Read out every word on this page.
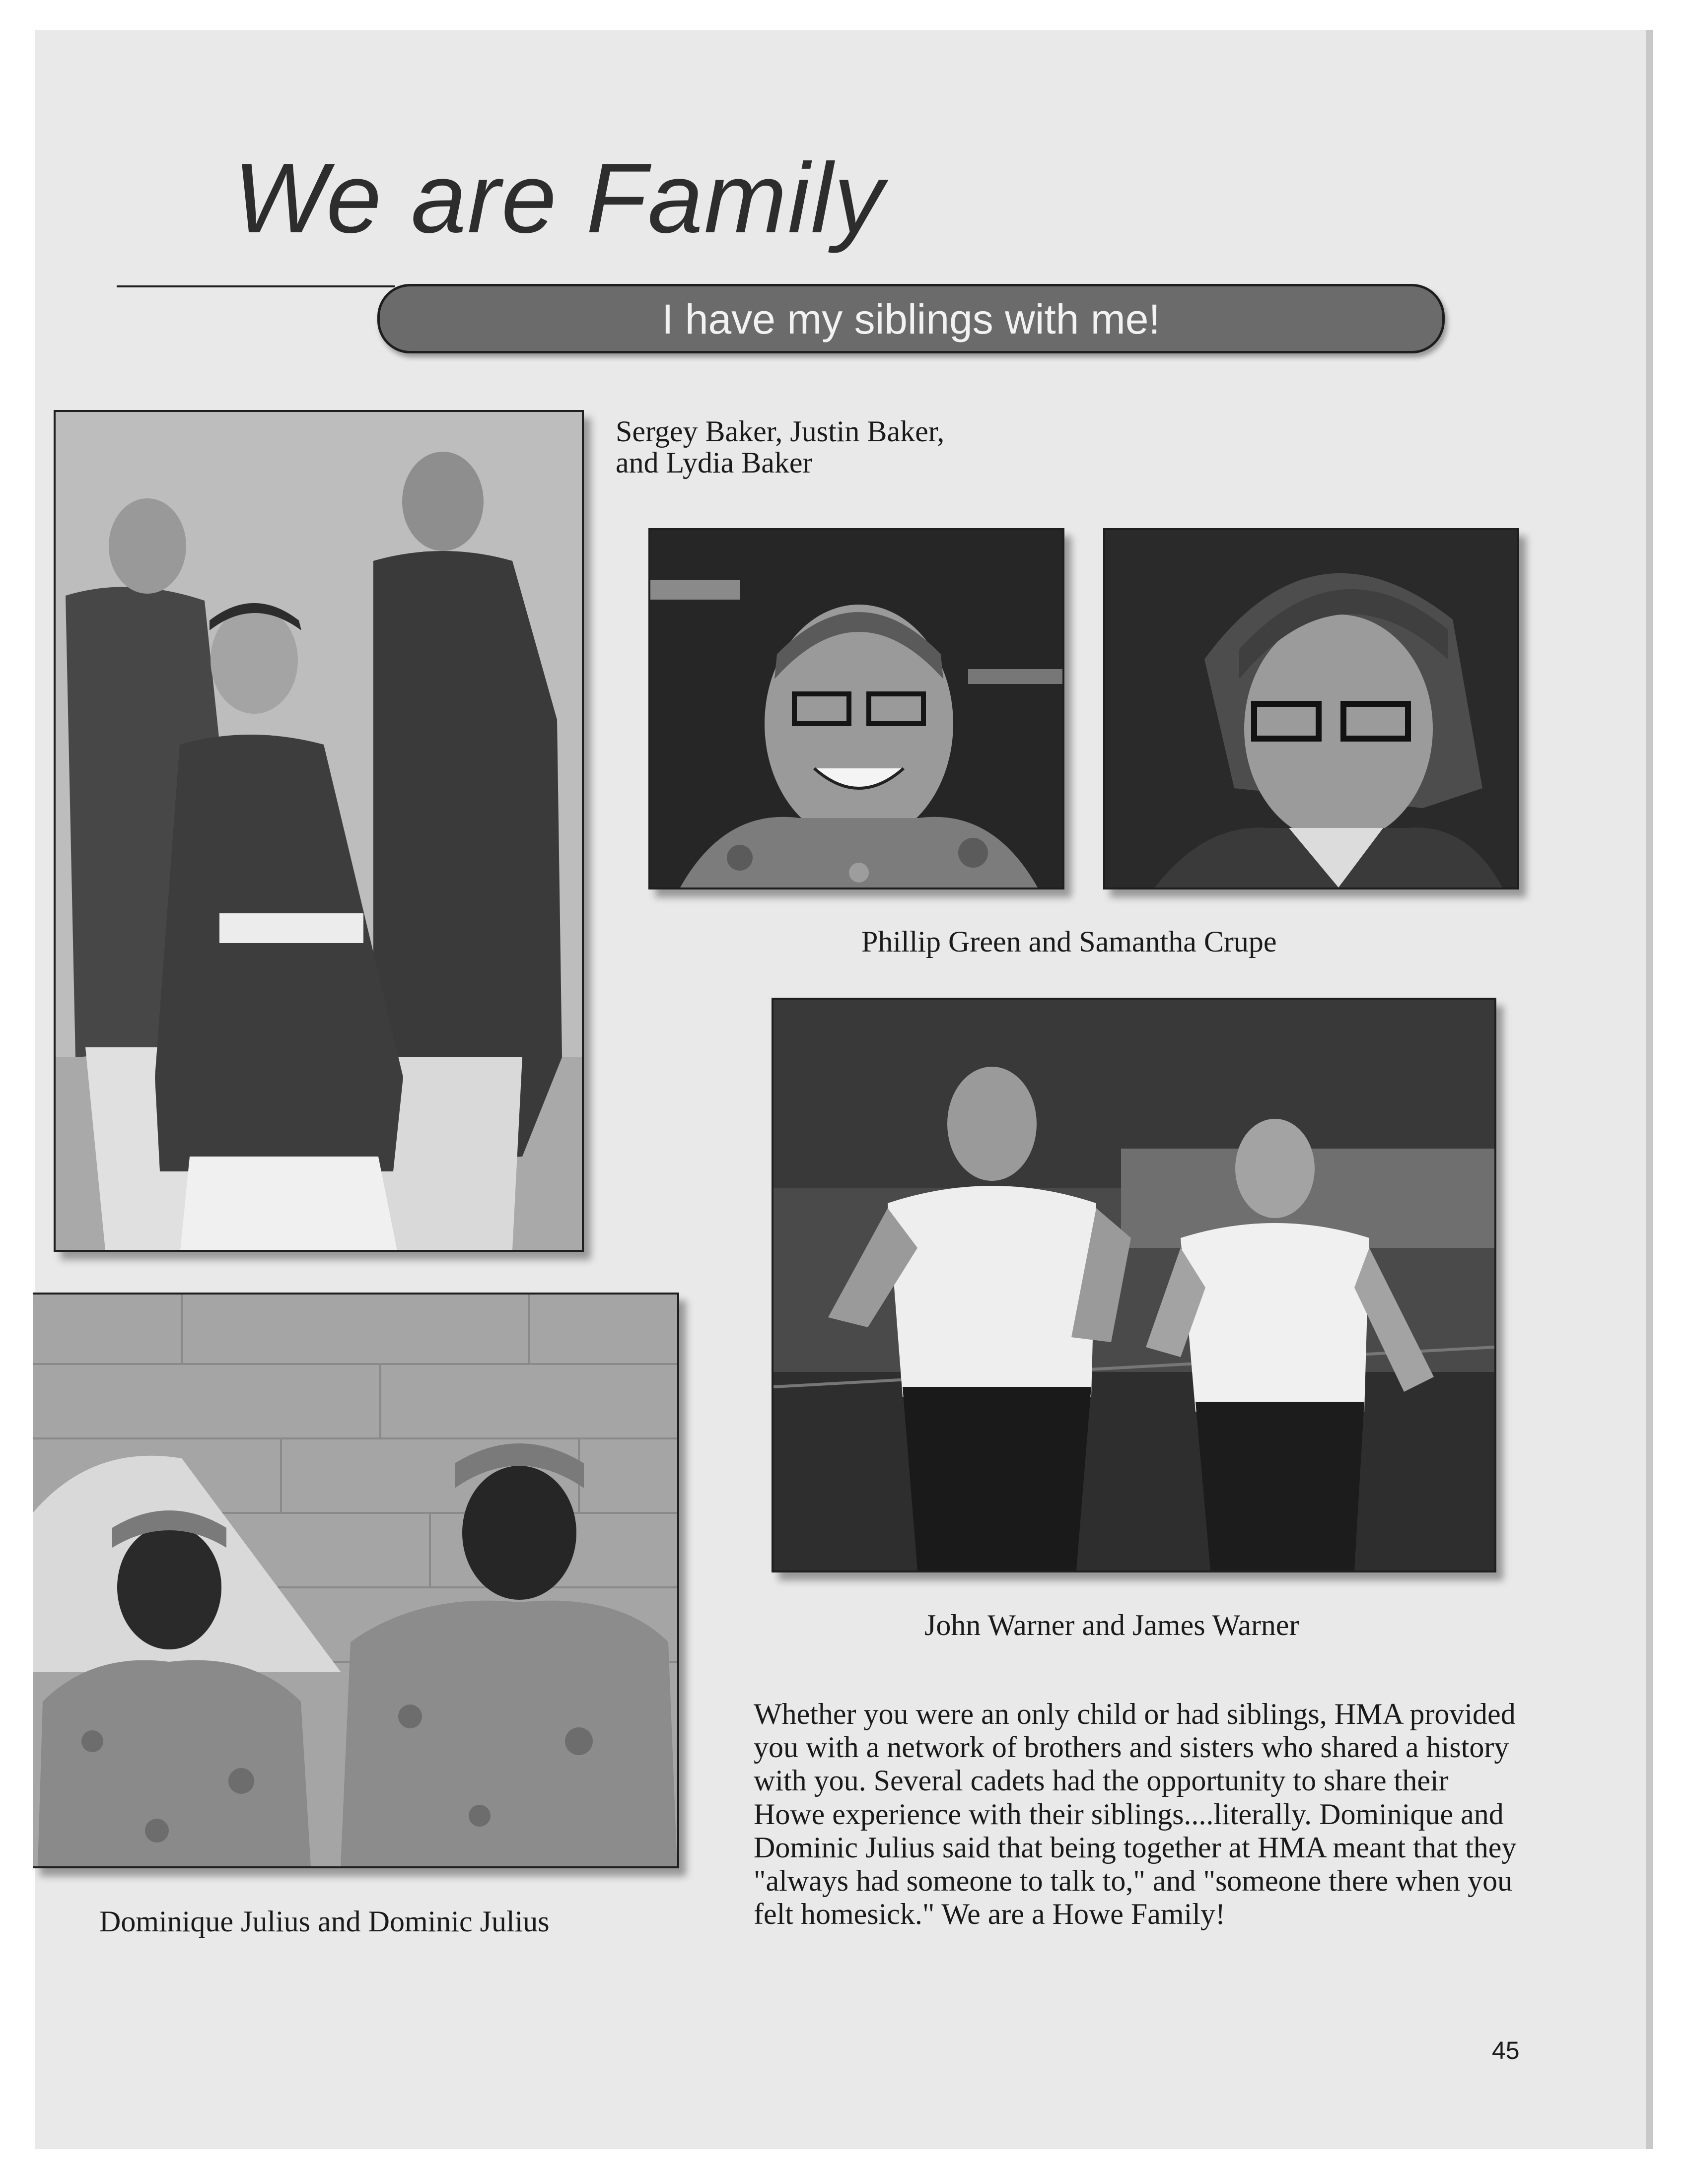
We are Family
I have my siblings with me!
Sergey Baker, Justin Baker,
and Lydia Baker
Phillip Green and Samantha Crupe
John Warner and James Warner
Dominique Julius and Dominic Julius
Whether you were an only child or had siblings, HMA provided you with a network of brothers and sisters who shared a history with you. Several cadets had the opportunity to share their Howe experience with their siblings....literally. Dominique and Dominic Julius said that being together at HMA meant that they "always had someone to talk to," and "someone there when you felt homesick." We are a Howe Family!
45
